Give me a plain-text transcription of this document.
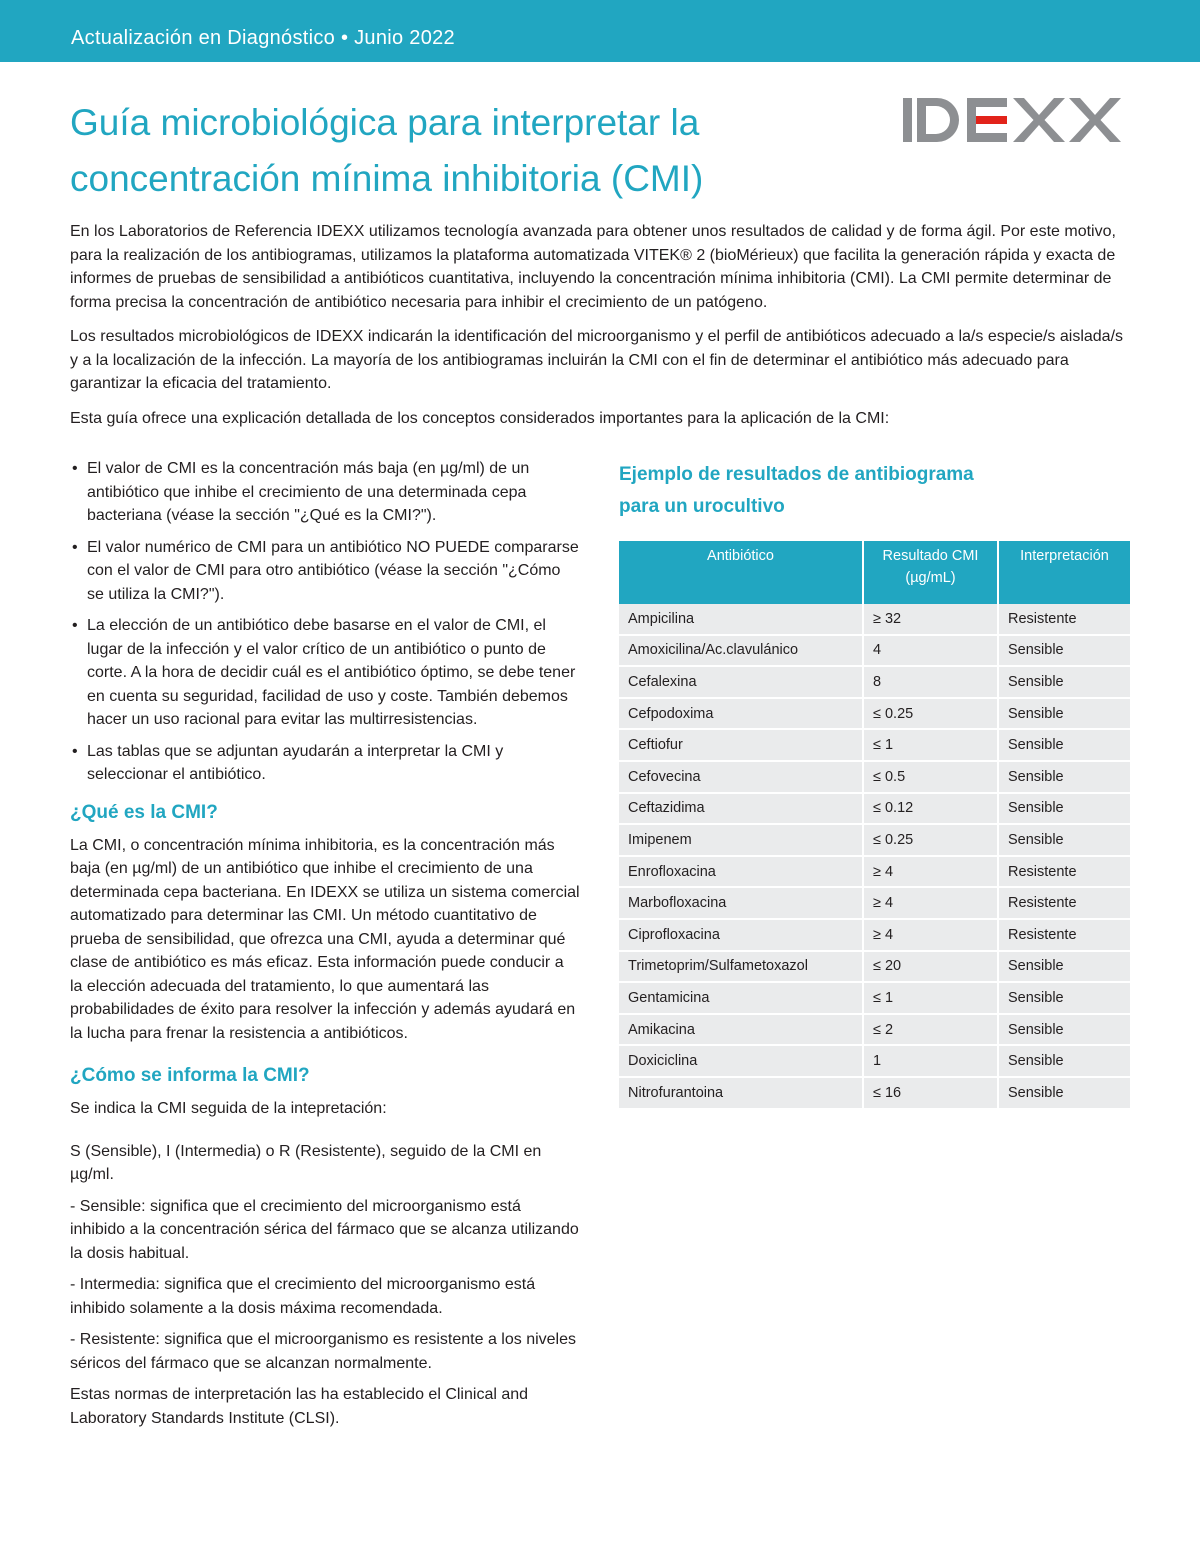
Actualización en Diagnóstico • Junio 2022
Guía microbiológica para interpretar la
concentración mínima inhibitoria (CMI)

En los Laboratorios de Referencia IDEXX utilizamos tecnología avanzada para obtener unos resultados de calidad y de forma ágil. Por este motivo, para la realización de los antibiogramas, utilizamos la plataforma automatizada VITEK® 2 (bioMérieux) que facilita la generación rápida y exacta de informes de pruebas de sensibilidad a antibióticos cuantitativa, incluyendo la concentración mínima inhibitoria (CMI). La CMI permite determinar de forma precisa la concentración de antibiótico necesaria para inhibir el crecimiento de un patógeno.

Los resultados microbiológicos de IDEXX indicarán la identificación del microorganismo y el perfil de antibióticos adecuado a la/s especie/s aislada/s y a la localización de la infección. La mayoría de los antibiogramas incluirán la CMI con el fin de determinar el antibiótico más adecuado para garantizar la eficacia del tratamiento.

Esta guía ofrece una explicación detallada de los conceptos considerados importantes para la aplicación de la CMI:

• El valor de CMI es la concentración más baja (en µg/ml) de un antibiótico que inhibe el crecimiento de una determinada cepa bacteriana (véase la sección "¿Qué es la CMI?").
• El valor numérico de CMI para un antibiótico NO PUEDE compararse con el valor de CMI para otro antibiótico (véase la sección "¿Cómo se utiliza la CMI?").
• La elección de un antibiótico debe basarse en el valor de CMI, el lugar de la infección y el valor crítico de un antibiótico o punto de corte. A la hora de decidir cuál es el antibiótico óptimo, se debe tener en cuenta su seguridad, facilidad de uso y coste. También debemos hacer un uso racional para evitar las multirresistencias.
• Las tablas que se adjuntan ayudarán a interpretar la CMI y seleccionar el antibiótico.
¿Qué es la CMI?

La CMI, o concentración mínima inhibitoria, es la concentración más baja (en µg/ml) de un antibiótico que inhibe el crecimiento de una determinada cepa bacteriana. En IDEXX se utiliza un sistema comercial automatizado para determinar las CMI. Un método cuantitativo de prueba de sensibilidad, que ofrezca una CMI, ayuda a determinar qué clase de antibiótico es más eficaz. Esta información puede conducir a la elección adecuada del tratamiento, lo que aumentará las probabilidades de éxito para resolver la infección y además ayudará en la lucha para frenar la resistencia a antibióticos.

¿Cómo se informa la CMI?

Se indica la CMI seguida de la intepretación:

S (Sensible), I (Intermedia) o R (Resistente), seguido de la CMI en µg/ml.

- Sensible: significa que el crecimiento del microorganismo está inhibido a la concentración sérica del fármaco que se alcanza utilizando la dosis habitual.

- Intermedia: significa que el crecimiento del microorganismo está inhibido solamente a la dosis máxima recomendada.

- Resistente: significa que el microorganismo es resistente a los niveles séricos del fármaco que se alcanzan normalmente.

Estas normas de interpretación las ha establecido el Clinical and Laboratory Standards Institute (CLSI).

Ejemplo de resultados de antibiograma
para un urocultivo
Antibiótico	Resultado CMI (µg/mL)	Interpretación
Ampicilina	≥ 32	Resistente
Amoxicilina/Ac.clavulánico	4	Sensible
Cefalexina	8	Sensible
Cefpodoxima	≤ 0.25	Sensible
Ceftiofur	≤ 1	Sensible
Cefovecina	≤ 0.5	Sensible
Ceftazidima	≤ 0.12	Sensible
Imipenem	≤ 0.25	Sensible
Enrofloxacina	≥ 4	Resistente
Marbofloxacina	≥ 4	Resistente
Ciprofloxacina	≥ 4	Resistente
Trimetoprim/Sulfametoxazol	≤ 20	Sensible
Gentamicina	≤ 1	Sensible
Amikacina	≤ 2	Sensible
Doxiciclina	1	Sensible
Nitrofurantoina	≤ 16	Sensible
